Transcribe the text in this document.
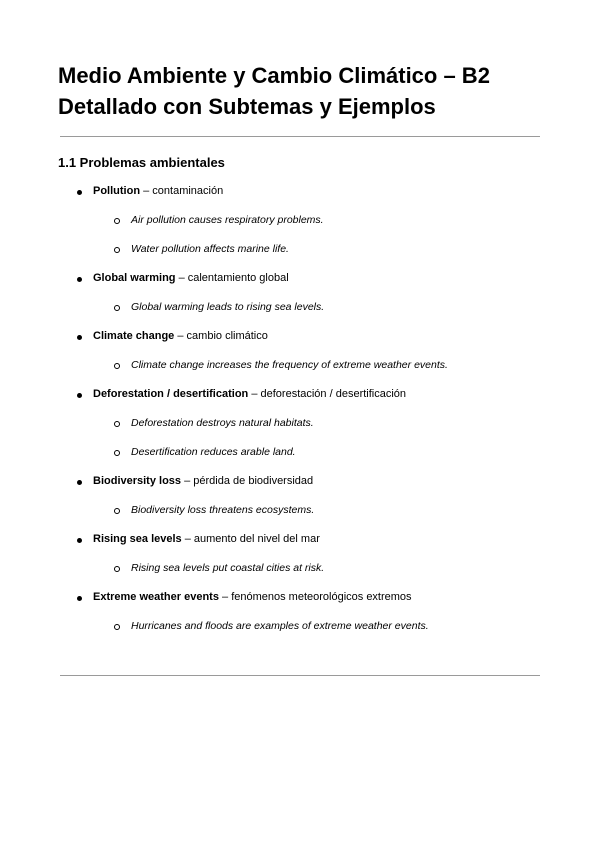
Medio Ambiente y Cambio Climático – B2 Detallado con Subtemas y Ejemplos
1.1 Problemas ambientales
Pollution – contaminación
Air pollution causes respiratory problems.
Water pollution affects marine life.
Global warming – calentamiento global
Global warming leads to rising sea levels.
Climate change – cambio climático
Climate change increases the frequency of extreme weather events.
Deforestation / desertification – deforestación / desertificación
Deforestation destroys natural habitats.
Desertification reduces arable land.
Biodiversity loss – pérdida de biodiversidad
Biodiversity loss threatens ecosystems.
Rising sea levels – aumento del nivel del mar
Rising sea levels put coastal cities at risk.
Extreme weather events – fenómenos meteorológicos extremos
Hurricanes and floods are examples of extreme weather events.
